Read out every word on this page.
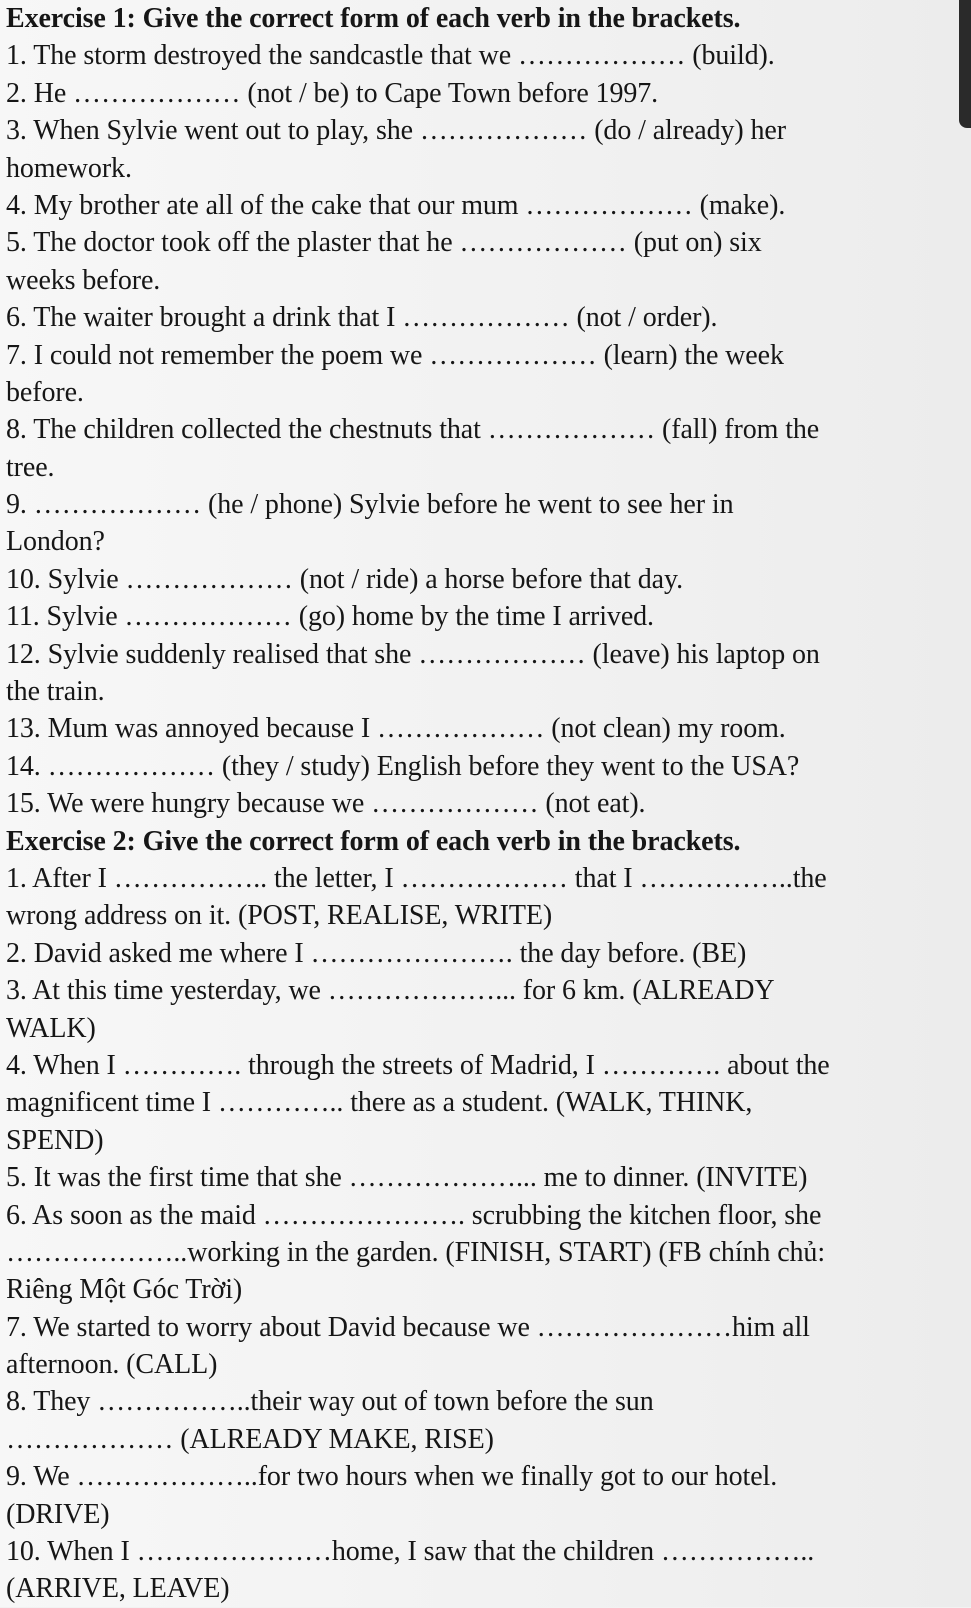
Exercise 1: Give the correct form of each verb in the brackets.
1. The storm destroyed the sandcastle that we ……………… (build).
2. He ……………… (not / be) to Cape Town before 1997.
3. When Sylvie went out to play, she ……………… (do / already) her
homework.
4. My brother ate all of the cake that our mum ……………… (make).
5. The doctor took off the plaster that he ……………… (put on) six
weeks before.
6. The waiter brought a drink that I ……………… (not / order).
7. I could not remember the poem we ……………… (learn) the week
before.
8. The children collected the chestnuts that ……………… (fall) from the
tree.
9. ……………… (he / phone) Sylvie before he went to see her in
London?
10. Sylvie ……………… (not / ride) a horse before that day.
11. Sylvie ……………… (go) home by the time I arrived.
12. Sylvie suddenly realised that she ……………… (leave) his laptop on
the train.
13. Mum was annoyed because I ……………… (not clean) my room.
14. ……………… (they / study) English before they went to the USA?
15. We were hungry because we ……………… (not eat).
Exercise 2: Give the correct form of each verb in the brackets.
1. After I …………….. the letter, I ……………… that I ……………..the
wrong address on it. (POST, REALISE, WRITE)
2. David asked me where I …………………. the day before. (BE)
3. At this time yesterday, we ………………... for 6 km. (ALREADY
WALK)
4. When I …………. through the streets of Madrid, I …………. about the
magnificent time I ………….. there as a student. (WALK, THINK,
SPEND)
5. It was the first time that she ………………... me to dinner. (INVITE)
6. As soon as the maid …………………. scrubbing the kitchen floor, she
………………..working in the garden. (FINISH, START) (FB chính chủ:
Riêng Một Góc Trời)
7. We started to worry about David because we …………………him all
afternoon. (CALL)
8. They ……………..their way out of town before the sun
……………… (ALREADY MAKE, RISE)
9. We ………………..for two hours when we finally got to our hotel.
(DRIVE)
10. When I …………………home, I saw that the children ……………..
(ARRIVE, LEAVE)
